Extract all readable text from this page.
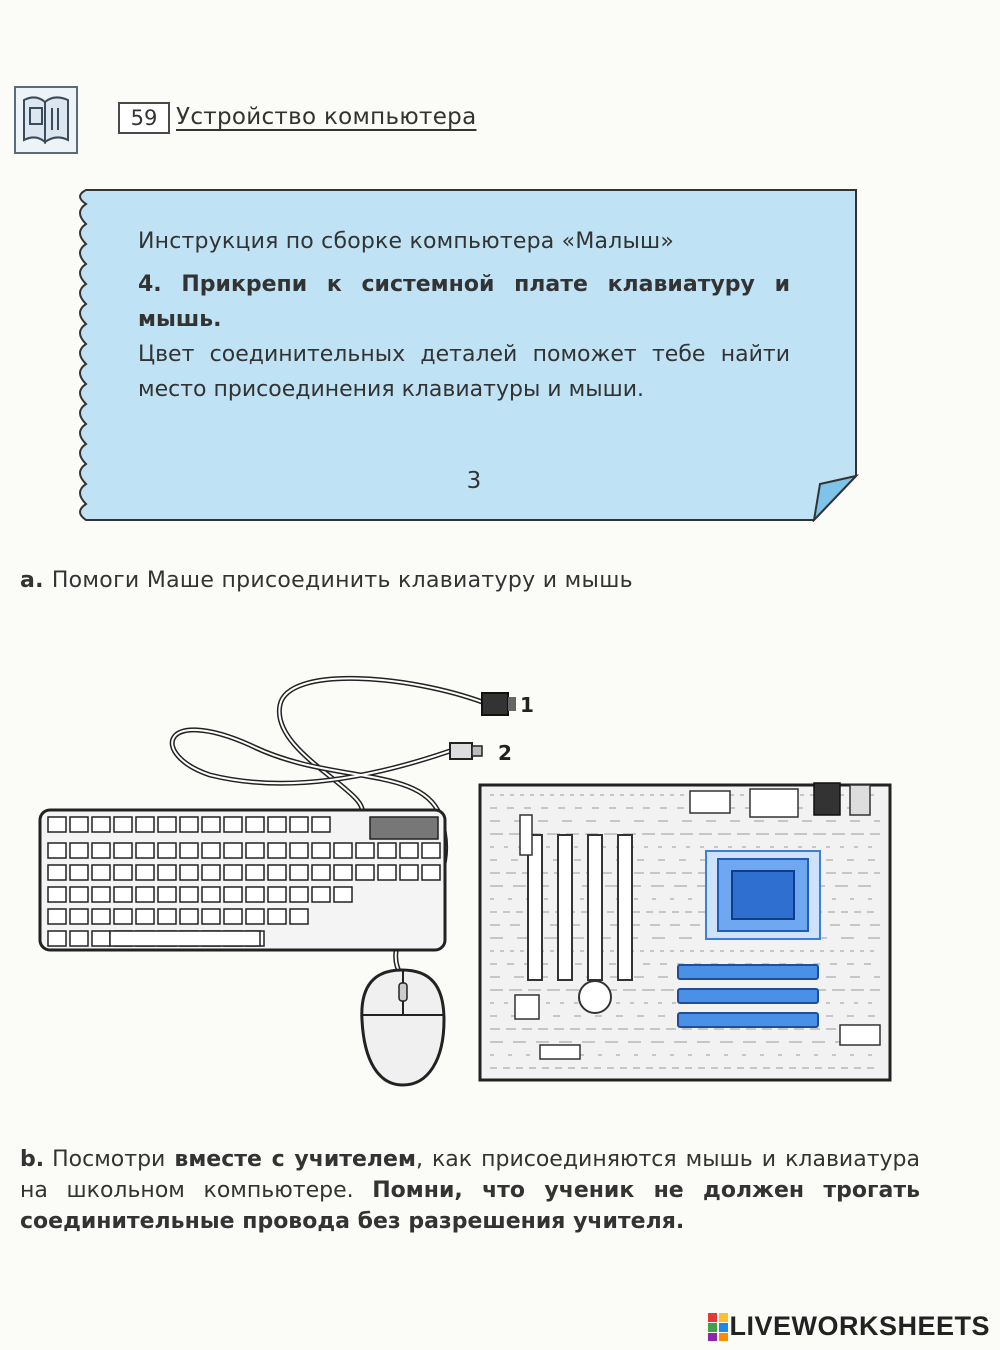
59 Устройство компьютера
Инструкция по сборке компьютера «Малыш»
4. Прикрепи к системной плате клавиатуру и мышь.
Цвет соединительных деталей поможет тебе найти место присоединения клавиатуры и мыши.
3
a. Помоги Маше присоединить клавиатуру и мышь
1
2
b. Посмотри вместе с учителем, как присоединяются мышь и клавиатура на школьном компьютере. Помни, что ученик не должен трогать соединительные провода без разрешения учителя.
LIVEWORKSHEETS
